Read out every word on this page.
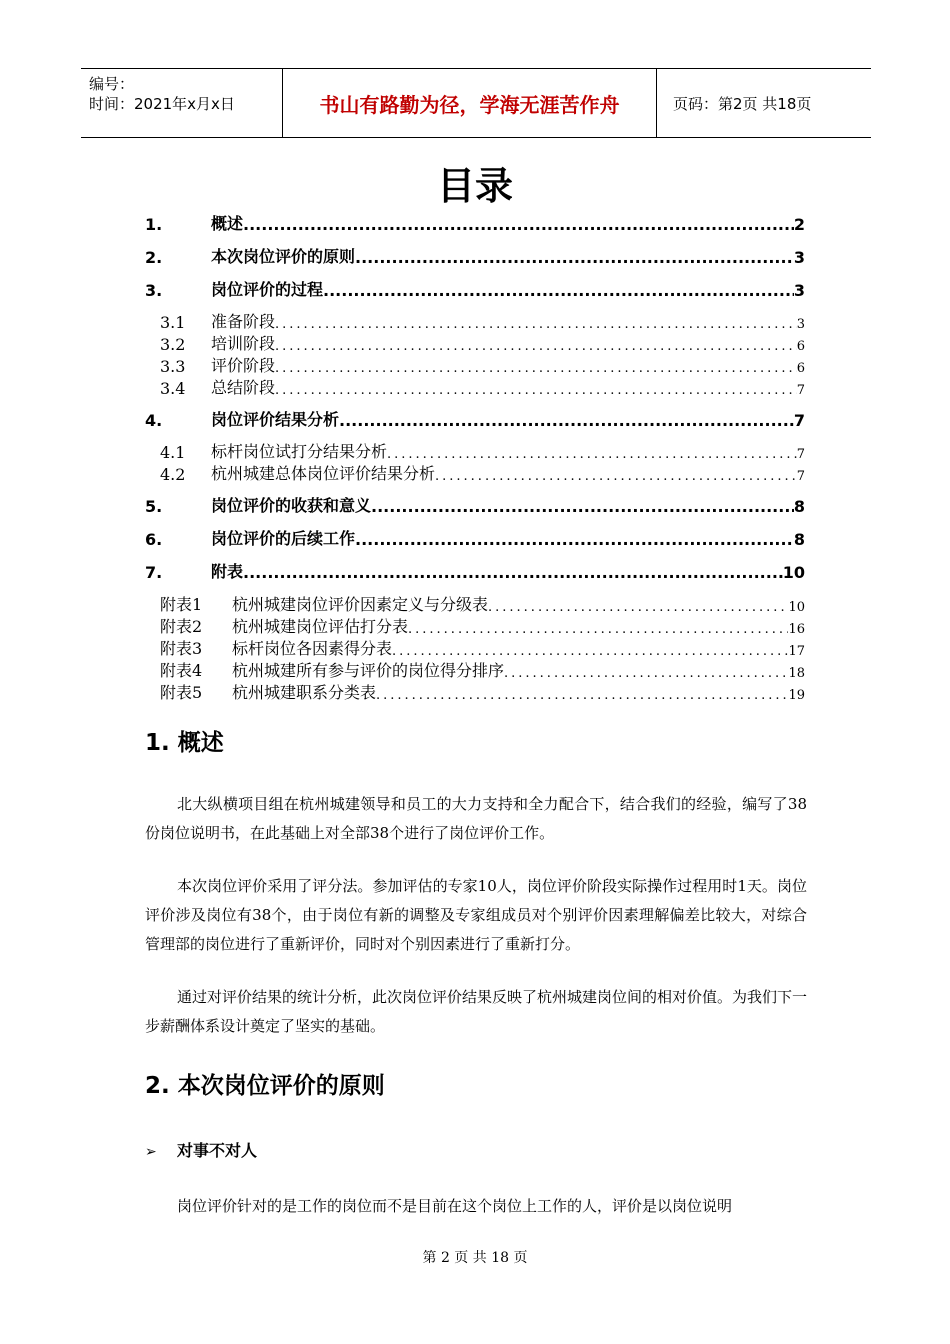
编号：
时间：2021年x月x日	书山有路勤为径，学海无涯苦作舟	页码：第2页 共18页
目录
1.	概述 .....	2
2.	本次岗位评价的原则 .....	3
3.	岗位评价的过程 .....	3
3.1	准备阶段 .....	3
3.2	培训阶段 .....	6
3.3	评价阶段 .....	6
3.4	总结阶段 .....	7
4.	岗位评价结果分析 .....	7
4.1	标杆岗位试打分结果分析 .....	7
4.2	杭州城建总体岗位评价结果分析 .....	7
5.	岗位评价的收获和意义 .....	8
6.	岗位评价的后续工作 .....	8
7.	附表 .....	10
附表1	杭州城建岗位评价因素定义与分级表 .....	10
附表2	杭州城建岗位评估打分表 .....	16
附表3	标杆岗位各因素得分表 .....	17
附表4	杭州城建所有参与评价的岗位得分排序 .....	18
附表5	杭州城建职系分类表 .....	19
1. 概述
北大纵横项目组在杭州城建领导和员工的大力支持和全力配合下，结合我们的经验，编写了38份岗位说明书，在此基础上对全部38个进行了岗位评价工作。
本次岗位评价采用了评分法。参加评估的专家10人，岗位评价阶段实际操作过程用时1天。岗位评价涉及岗位有38个，由于岗位有新的调整及专家组成员对个别评价因素理解偏差比较大，对综合管理部的岗位进行了重新评价，同时对个别因素进行了重新打分。
通过对评价结果的统计分析，此次岗位评价结果反映了杭州城建岗位间的相对价值。为我们下一步薪酬体系设计奠定了坚实的基础。
2. 本次岗位评价的原则
➢ 对事不对人
岗位评价针对的是工作的岗位而不是目前在这个岗位上工作的人，评价是以岗位说明
第 2 页 共 18 页
